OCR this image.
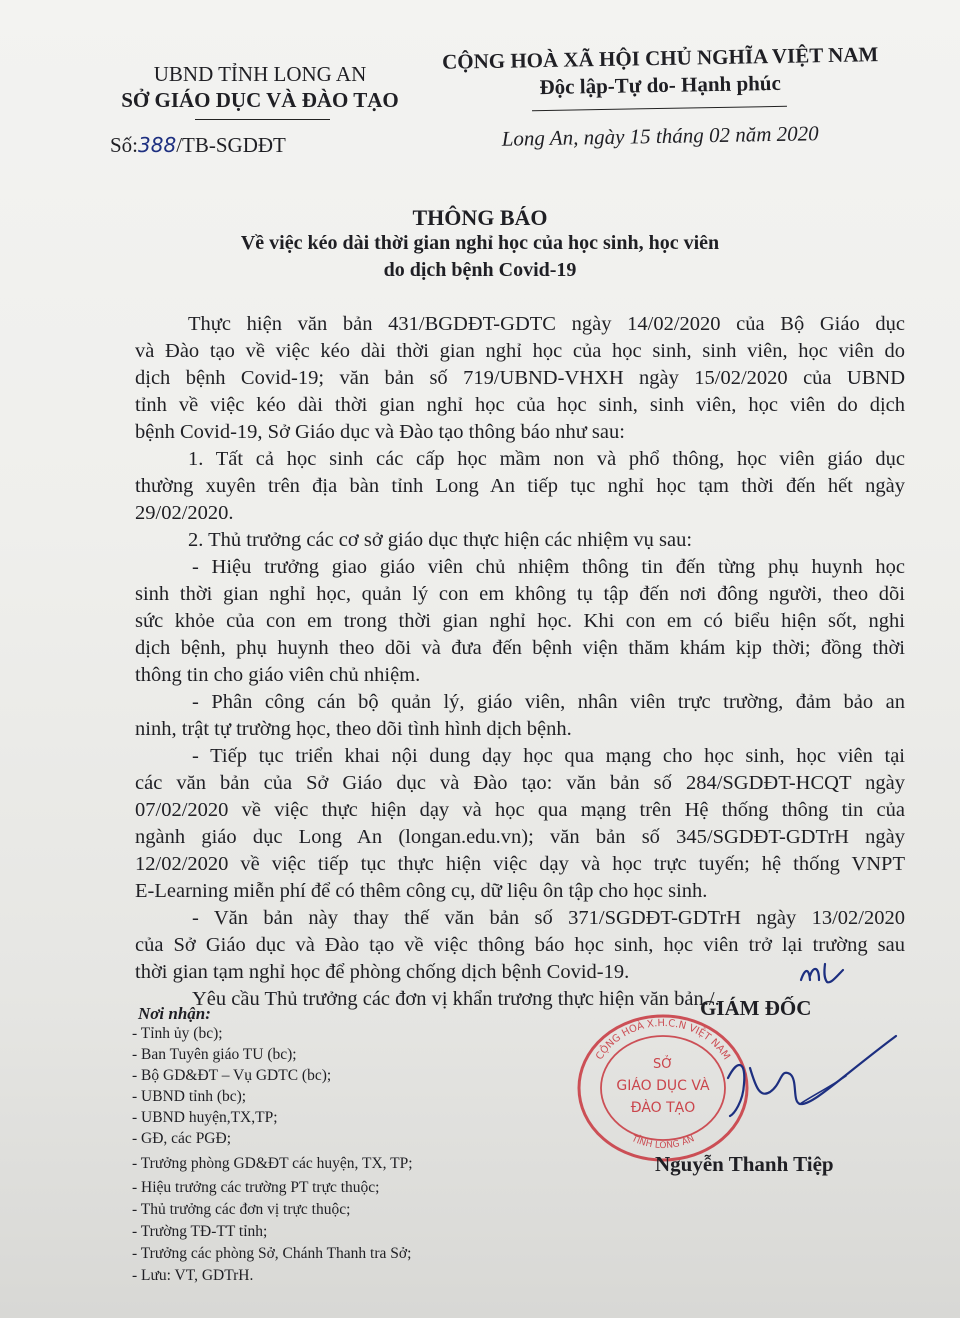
UBND TỈNH LONG AN
SỞ GIÁO DỤC VÀ ĐÀO TẠO
Số:388/TB-SGDĐT
CỘNG HOÀ XÃ HỘI CHỦ NGHĨA VIỆT NAM
Độc lập-Tự do- Hạnh phúc
Long An, ngày 15 tháng 02 năm 2020
THÔNG BÁO
Về việc kéo dài thời gian nghỉ học của học sinh, học viên
do dịch bệnh Covid-19
Thực hiện văn bản 431/BGDĐT-GDTC ngày 14/02/2020 của Bộ Giáo dục
và Đào tạo về việc kéo dài thời gian nghỉ học của học sinh, sinh viên, học viên do
dịch bệnh Covid-19; văn bản số 719/UBND-VHXH ngày 15/02/2020 của UBND
tỉnh về việc kéo dài thời gian nghỉ học của học sinh, sinh viên, học viên do dịch
bệnh Covid-19, Sở Giáo dục và Đào tạo thông báo như sau:
1. Tất cả học sinh các cấp học mầm non và phổ thông, học viên giáo dục
thường xuyên trên địa bàn tỉnh Long An tiếp tục nghỉ học tạm thời đến hết ngày
29/02/2020.
2. Thủ trưởng các cơ sở giáo dục thực hiện các nhiệm vụ sau:
- Hiệu trưởng giao giáo viên chủ nhiệm thông tin đến từng phụ huynh học
sinh thời gian nghỉ học, quản lý con em không tụ tập đến nơi đông người, theo dõi
sức khỏe của con em trong thời gian nghỉ học. Khi con em có biểu hiện sốt, nghi
dịch bệnh, phụ huynh theo dõi và đưa đến bệnh viện thăm khám kịp thời; đồng thời
thông tin cho giáo viên chủ nhiệm.
- Phân công cán bộ quản lý, giáo viên, nhân viên trực trường, đảm bảo an
ninh, trật tự trường học, theo dõi tình hình dịch bệnh.
- Tiếp tục triển khai nội dung dạy học qua mạng cho học sinh, học viên tại
các văn bản của Sở Giáo dục và Đào tạo: văn bản số 284/SGDĐT-HCQT ngày
07/02/2020 về việc thực hiện dạy và học qua mạng trên Hệ thống thông tin của
ngành giáo dục Long An (longan.edu.vn); văn bản số 345/SGDĐT-GDTrH ngày
12/02/2020 về việc tiếp tục thực hiện việc dạy và học trực tuyến; hệ thống VNPT
E-Learning miễn phí để có thêm công cụ, dữ liệu ôn tập cho học sinh.
- Văn bản này thay thế văn bản số 371/SGDĐT-GDTrH ngày 13/02/2020
của Sở Giáo dục và Đào tạo về việc thông báo học sinh, học viên trở lại trường sau
thời gian tạm nghỉ học để phòng chống dịch bệnh Covid-19.
Yêu cầu Thủ trưởng các đơn vị khẩn trương thực hiện văn bản./.
Nơi nhận:
- Tỉnh ủy (bc);
- Ban Tuyên giáo TU (bc);
- Bộ GD&ĐT – Vụ GDTC (bc);
- UBND tỉnh (bc);
- UBND huyện,TX,TP;
- GĐ, các PGĐ;
- Trưởng phòng GD&ĐT các huyện, TX, TP;
- Hiệu trưởng các trường PT trực thuộc;
- Thủ trưởng các đơn vị trực thuộc;
- Trường TĐ-TT tỉnh;
- Trưởng các phòng Sở, Chánh Thanh tra Sở;
- Lưu: VT, GDTrH.
CỘNG HOÀ X.H.C.N VIỆT NAM
TỈNH LONG AN
SỞ
GIÁO DỤC VÀ
ĐÀO TẠO
GIÁM ĐỐC
Nguyễn Thanh Tiệp
